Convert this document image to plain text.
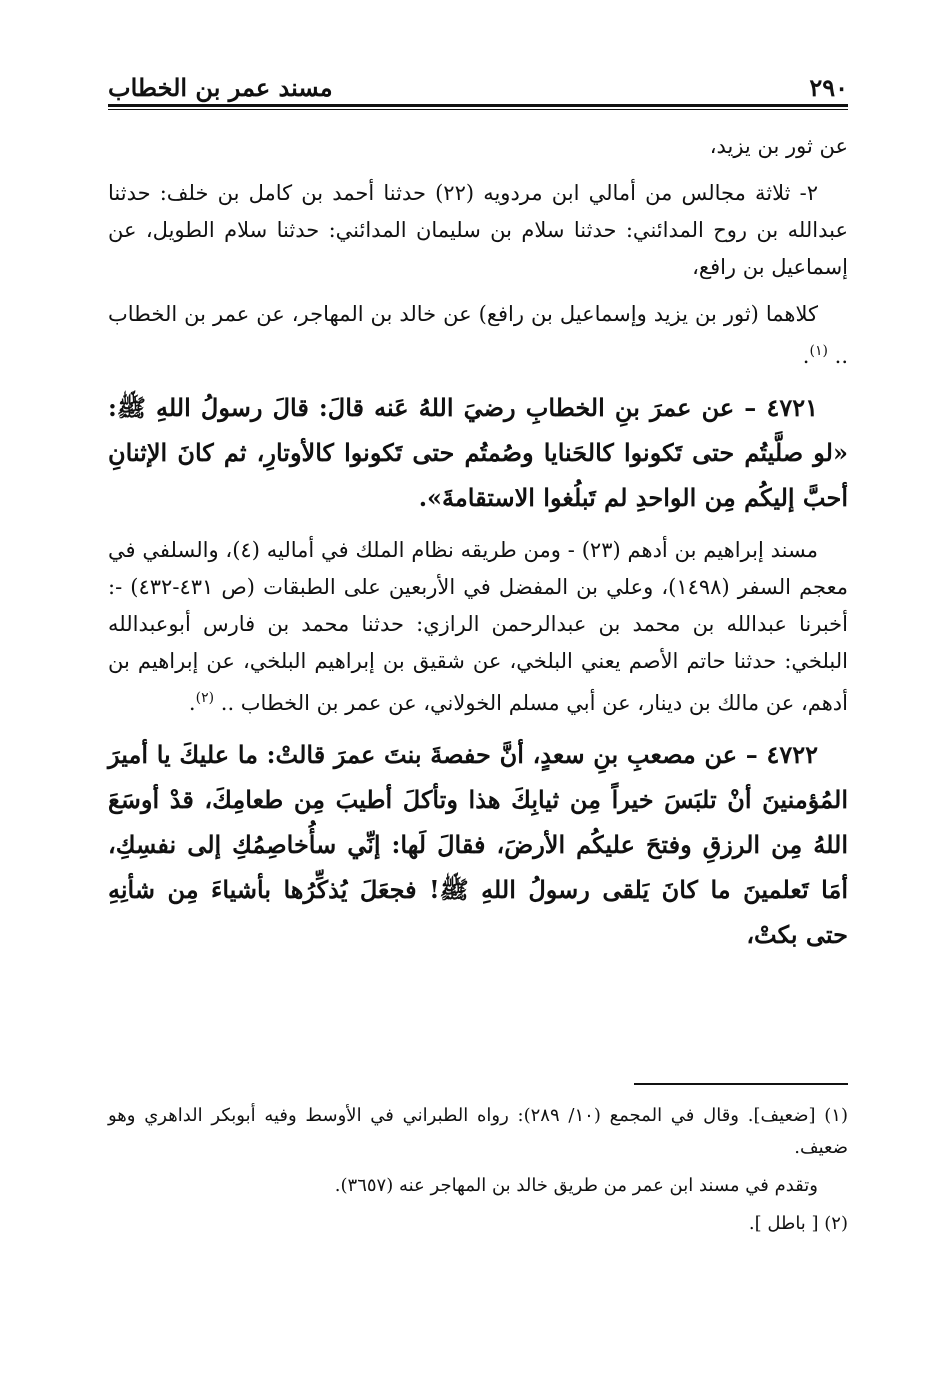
٢٩٠
مسند عمر بن الخطاب

عن ثور بن يزيد،

٢- ثلاثة مجالس من أمالي ابن مردويه (٢٢) حدثنا أحمد بن كامل بن خلف: حدثنا عبدالله بن روح المدائني: حدثنا سلام بن سليمان المدائني: حدثنا سلام الطويل، عن إسماعيل بن رافع،

كلاهما (ثور بن يزيد وإسماعيل بن رافع) عن خالد بن المهاجر، عن عمر بن الخطاب .. $^{(١)}$.

٤٧٢١ – عن عمرَ بنِ الخطابِ رضيَ اللهُ عَنه قالَ: قالَ رسولُ اللهِ ﷺ: «لو صلَّيتُم حتى تَكونوا كالحَنايا وصُمتُم حتى تَكونوا كالأوتارِ، ثم كانَ الإثنانِ أحبَّ إليكُم مِن الواحدِ لم تَبلُغوا الاستقامةَ».

مسند إبراهيم بن أدهم (٢٣) - ومن طريقه نظام الملك في أماليه (٤)، والسلفي في معجم السفر (١٤٩٨)، وعلي بن المفضل في الأربعين على الطبقات (ص ٤٣١-٤٣٢) -: أخبرنا عبدالله بن محمد بن عبدالرحمن الرازي: حدثنا محمد بن فارس أبوعبدالله البلخي: حدثنا حاتم الأصم يعني البلخي، عن شقيق بن إبراهيم البلخي، عن إبراهيم بن أدهم، عن مالك بن دينار، عن أبي مسلم الخولاني، عن عمر بن الخطاب .. $^{(٢)}$.

٤٧٢٢ – عن مصعبِ بنِ سعدٍ، أنَّ حفصةَ بنتَ عمرَ قالتْ: ما عليكَ يا أميرَ المُؤمنينَ أنْ تلبَسَ خيراً مِن ثيابِكَ هذا وتأكلَ أطيبَ مِن طعامِكَ، قدْ أوسَعَ اللهُ مِن الرزقِ وفتحَ عليكُم الأرضَ، فقالَ لَها: إنِّي سأُخاصِمُكِ إلى نفسِكِ، أمَا تَعلمينَ ما كانَ يَلقى رسولُ اللهِ ﷺ! فجعَلَ يُذكِّرُها بأشياءَ مِن شأنِهِ حتى بكتْ،

(١) [ضعيف]. وقال في المجمع (١٠/ ٢٨٩): رواه الطبراني في الأوسط وفيه أبوبكر الداهري وهو ضعيف.

وتقدم في مسند ابن عمر من طريق خالد بن المهاجر عنه (٣٦٥٧).

(٢) [ باطل ].
